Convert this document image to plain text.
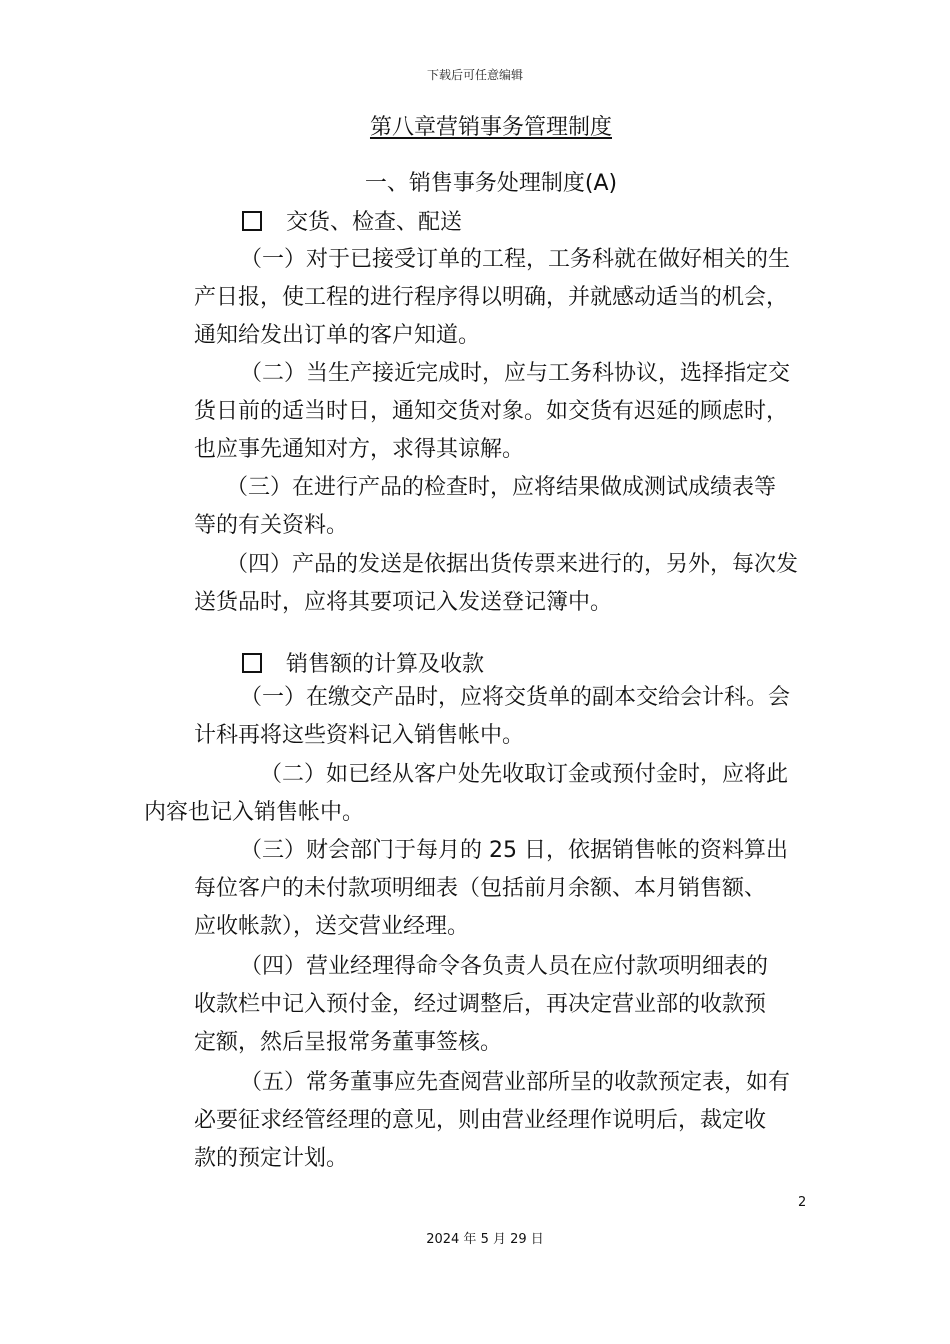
下载后可任意编辑
第八章营销事务管理制度
一、销售事务处理制度(A)
交货、检查、配送
（一）对于已接受订单的工程，工务科就在做好相关的生
产日报，使工程的进行程序得以明确，并就感动适当的机会，
通知给发出订单的客户知道。
（二）当生产接近完成时，应与工务科协议，选择指定交
货日前的适当时日，通知交货对象。如交货有迟延的顾虑时，
也应事先通知对方，求得其谅解。
（三）在进行产品的检查时，应将结果做成测试成绩表等
等的有关资料。
（四）产品的发送是依据出货传票来进行的，另外，每次发
送货品时，应将其要项记入发送登记簿中。
销售额的计算及收款
（一）在缴交产品时，应将交货单的副本交给会计科。会
计科再将这些资料记入销售帐中。
（二）如已经从客户处先收取订金或预付金时，应将此
内容也记入销售帐中。
（三）财会部门于每月的 25 日，依据销售帐的资料算出
每位客户的未付款项明细表（包括前月余额、本月销售额、
应收帐款），送交营业经理。
（四）营业经理得命令各负责人员在应付款项明细表的
收款栏中记入预付金，经过调整后，再决定营业部的收款预
定额，然后呈报常务董事签核。
（五）常务董事应先查阅营业部所呈的收款预定表，如有
必要征求经管经理的意见，则由营业经理作说明后，裁定收
款的预定计划。
2
2024 年 5 月 29 日
